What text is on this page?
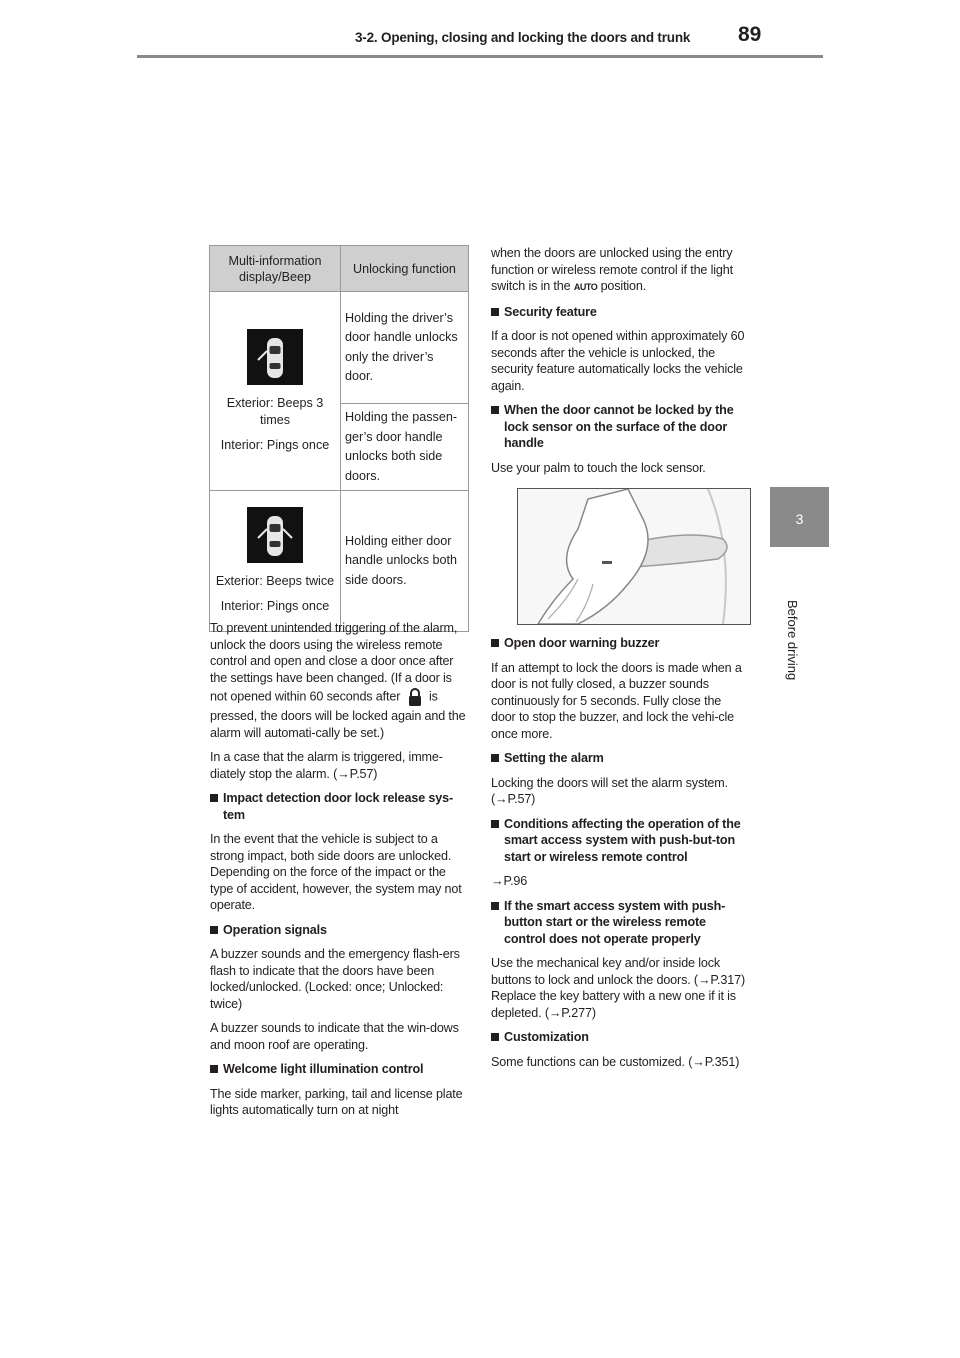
3-2. Opening, closing and locking the doors and trunk	89
3
Before driving
Multi-information display/Beep	Unlocking function

Exterior: Beeps 3 times
Interior: Pings once	Holding the driver’s door handle unlocks only the driver’s door.
	Holding the passen-ger’s door handle unlocks both side doors.

Exterior: Beeps twice
Interior: Pings once	Holding either door handle unlocks both side doors.

To prevent unintended triggering of the alarm, unlock the doors using the wireless remote control and open and close a door once after the settings have been changed. (If a door is not opened within 60 seconds after is pressed, the doors will be locked again and the alarm will automati-cally be set.)

In a case that the alarm is triggered, imme-diately stop the alarm. (→P.57)

Impact detection door lock release sys-tem

In the event that the vehicle is subject to a strong impact, both side doors are unlocked. Depending on the force of the impact or the type of accident, however, the system may not operate.

Operation signals

A buzzer sounds and the emergency flash-ers flash to indicate that the doors have been locked/unlocked. (Locked: once; Unlocked: twice)

A buzzer sounds to indicate that the win-dows and moon roof are operating.

Welcome light illumination control

The side marker, parking, tail and license plate lights automatically turn on at night

when the doors are unlocked using the entry function or wireless remote control if the light switch is in the AUTO position.

Security feature

If a door is not opened within approximately 60 seconds after the vehicle is unlocked, the security feature automatically locks the vehicle again.

When the door cannot be locked by the lock sensor on the surface of the door handle

Use your palm to touch the lock sensor.

Open door warning buzzer

If an attempt to lock the doors is made when a door is not fully closed, a buzzer sounds continuously for 5 seconds. Fully close the door to stop the buzzer, and lock the vehi-cle once more.

Setting the alarm

Locking the doors will set the alarm system. (→P.57)

Conditions affecting the operation of the smart access system with push-but-ton start or wireless remote control

→P.96

If the smart access system with push-button start or the wireless remote control does not operate properly

Use the mechanical key and/or inside lock buttons to lock and unlock the doors. (→P.317)

Replace the key battery with a new one if it is depleted. (→P.277)

Customization

Some functions can be customized. (→P.351)
